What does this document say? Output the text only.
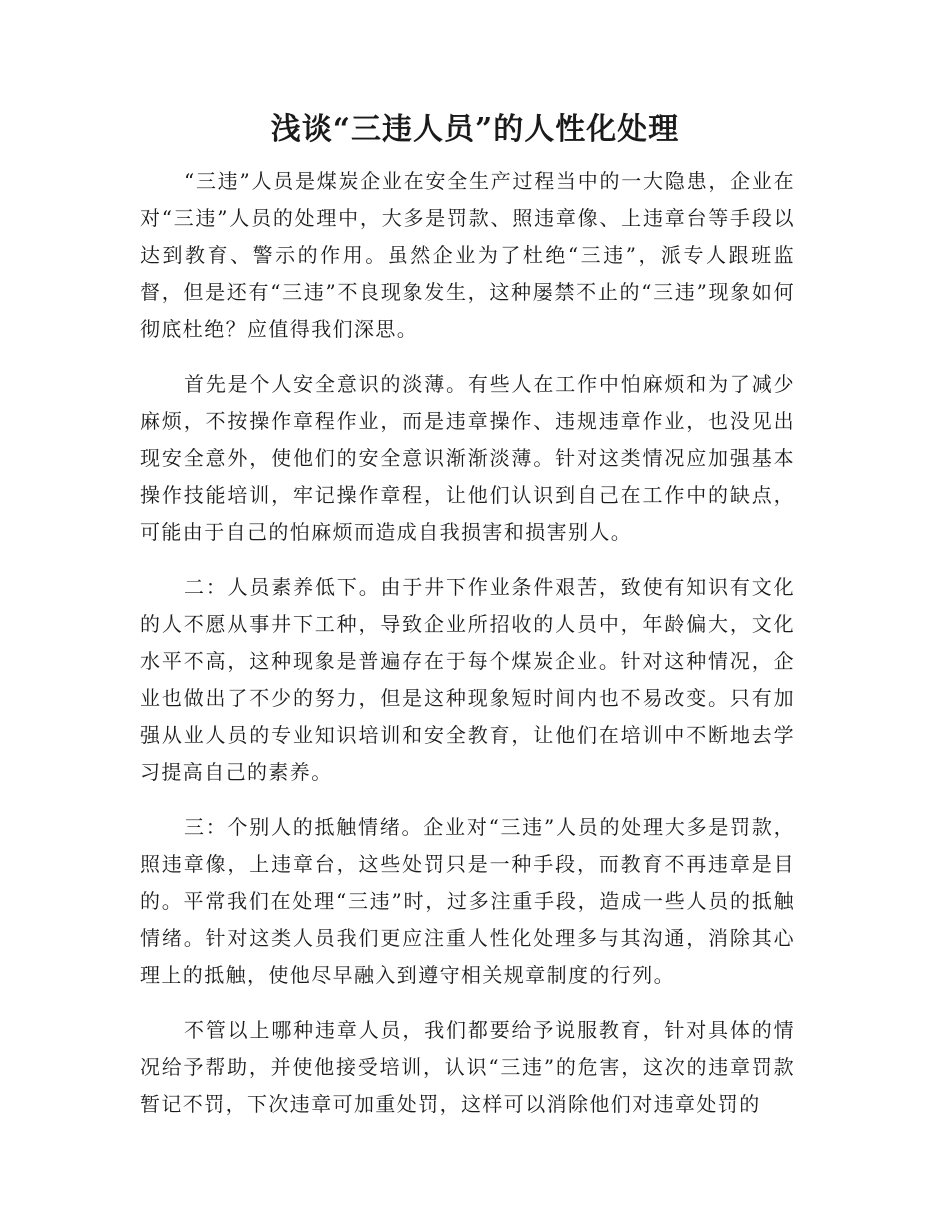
浅谈“三违人员”的人性化处理

“三违”人员是煤炭企业在安全生产过程当中的一大隐患，企业在对“三违”人员的处理中，大多是罚款、照违章像、上违章台等手段以达到教育、警示的作用。虽然企业为了杜绝“三违”，派专人跟班监督，但是还有“三违”不良现象发生，这种屡禁不止的“三违”现象如何彻底杜绝？应值得我们深思。

首先是个人安全意识的淡薄。有些人在工作中怕麻烦和为了减少麻烦，不按操作章程作业，而是违章操作、违规违章作业，也没见出现安全意外，使他们的安全意识渐渐淡薄。针对这类情况应加强基本操作技能培训，牢记操作章程，让他们认识到自己在工作中的缺点，可能由于自己的怕麻烦而造成自我损害和损害别人。

二：人员素养低下。由于井下作业条件艰苦，致使有知识有文化的人不愿从事井下工种，导致企业所招收的人员中，年龄偏大，文化水平不高，这种现象是普遍存在于每个煤炭企业。针对这种情况，企业也做出了不少的努力，但是这种现象短时间内也不易改变。只有加强从业人员的专业知识培训和安全教育，让他们在培训中不断地去学习提高自己的素养。

三：个别人的抵触情绪。企业对“三违”人员的处理大多是罚款，照违章像，上违章台，这些处罚只是一种手段，而教育不再违章是目的。平常我们在处理“三违”时，过多注重手段，造成一些人员的抵触情绪。针对这类人员我们更应注重人性化处理多与其沟通，消除其心理上的抵触，使他尽早融入到遵守相关规章制度的行列。

不管以上哪种违章人员，我们都要给予说服教育，针对具体的情况给予帮助，并使他接受培训，认识“三违”的危害，这次的违章罚款暂记不罚，下次违章可加重处罚，这样可以消除他们对违章处罚的
